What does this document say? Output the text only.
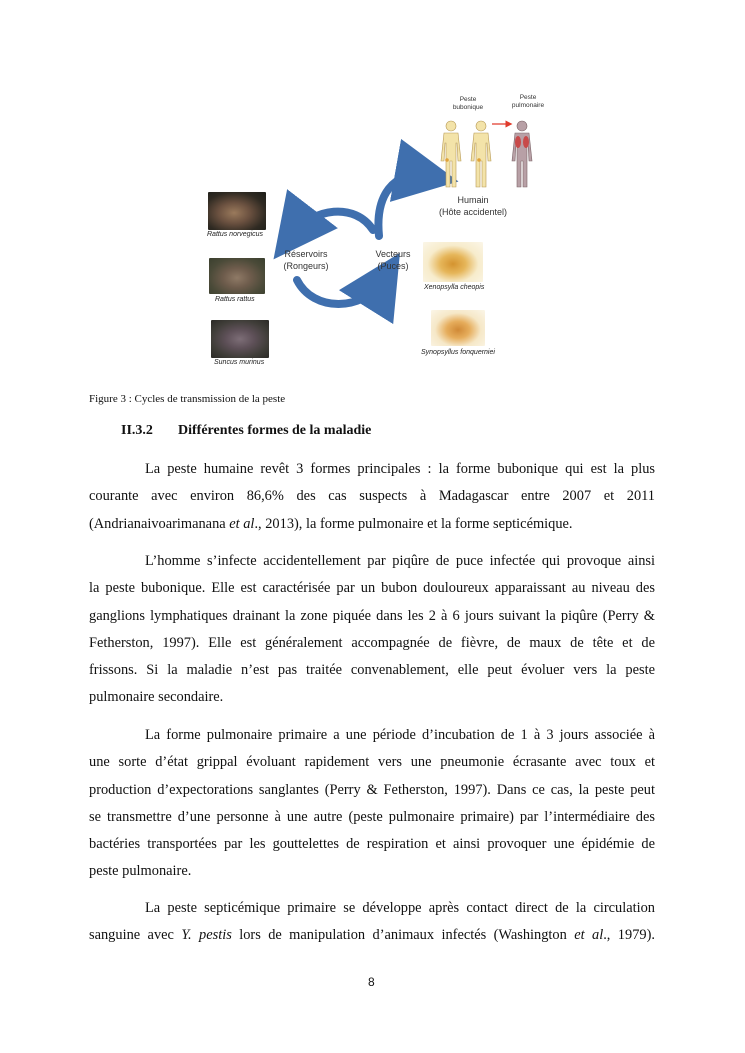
Rattus norvegicus
Rattus rattus
Suncus murinus
Réservoirs
(Rongeurs)
Vecteurs
(Puces)
Humain
(Hôte accidentel)
Peste
bubonique
Peste
pulmonaire
Xenopsylla cheopis
Synopsyllus fonquerniei
Figure 3 : Cycles de transmission de la peste
II.3.2 Différentes formes de la maladie
La peste humaine revêt 3 formes principales : la forme bubonique qui est la plus
courante avec environ 86,6% des cas suspects à Madagascar entre 2007 et 2011
(Andrianaivoarimanana et al., 2013), la forme pulmonaire et la forme septicémique.
L’homme s’infecte accidentellement par piqûre de puce infectée qui provoque ainsi
la peste bubonique. Elle est caractérisée par un bubon douloureux apparaissant au niveau des
ganglions lymphatiques drainant la zone piquée dans les 2 à 6 jours suivant la piqûre (Perry &
Fetherston, 1997). Elle est généralement accompagnée de fièvre, de maux de tête et de
frissons. Si la maladie n’est pas traitée convenablement, elle peut évoluer vers la peste
pulmonaire secondaire.
La forme pulmonaire primaire a une période d’incubation de 1 à 3 jours associée à
une sorte d’état grippal évoluant rapidement vers une pneumonie écrasante avec toux et
production d’expectorations sanglantes (Perry & Fetherston, 1997). Dans ce cas, la peste peut
se transmettre d’une personne à une autre (peste pulmonaire primaire) par l’intermédiaire des
bactéries transportées par les gouttelettes de respiration et ainsi provoquer une épidémie de
peste pulmonaire.
La peste septicémique primaire se développe après contact direct de la circulation
sanguine avec Y. pestis lors de manipulation d’animaux infectés (Washington et al., 1979).
8
